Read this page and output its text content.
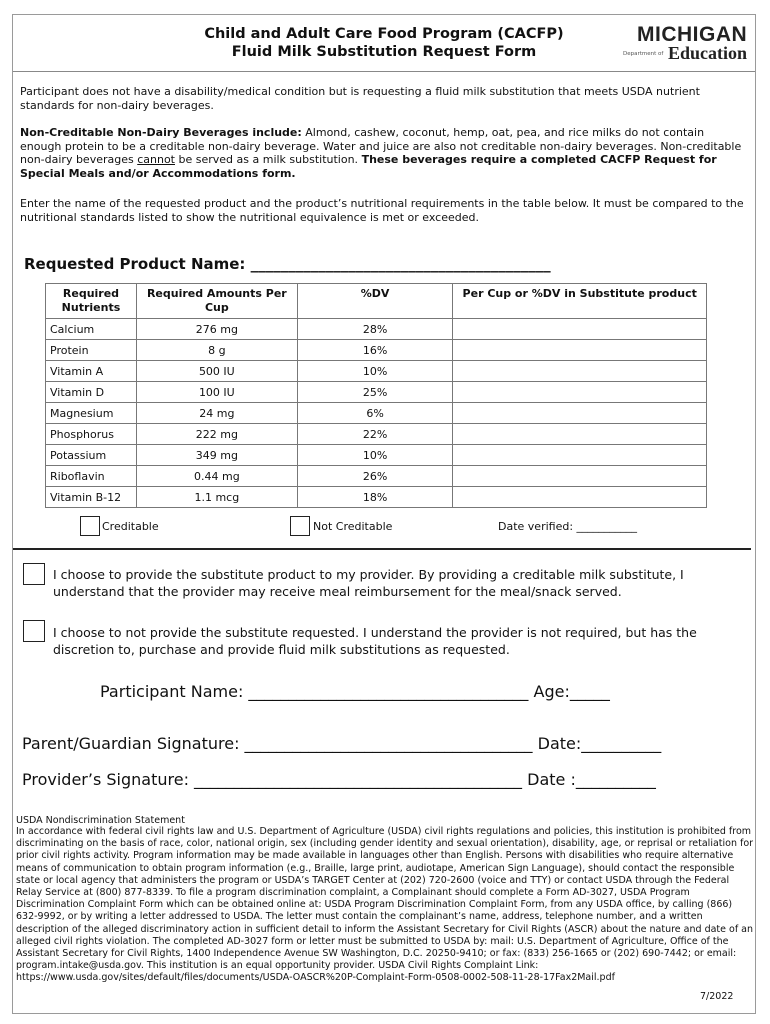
Child and Adult Care Food Program (CACFP)
Fluid Milk Substitution Request Form
MICHIGAN
Department of Education

Participant does not have a disability/medical condition but is requesting a fluid milk substitution that meets USDA nutrient standards for non-dairy beverages.

Non-Creditable Non-Dairy Beverages include: Almond, cashew, coconut, hemp, oat, pea, and rice milks do not contain enough protein to be a creditable non-dairy beverage. Water and juice are also not creditable non-dairy beverages. Non-creditable non-dairy beverages cannot be served as a milk substitution. These beverages require a completed CACFP Request for Special Meals and/or Accommodations form.

Enter the name of the requested product and the product’s nutritional requirements in the table below. It must be compared to the nutritional standards listed to show the nutritional equivalence is met or exceeded.

Requested Product Name: ________________________________________
Required Nutrients	Required Amounts Per Cup	%DV	Per Cup or %DV in Substitute product
Calcium	276 mg	28%	
Protein	8 g	16%	
Vitamin A	500 IU	10%	
Vitamin D	100 IU	25%	
Magnesium	24 mg	6%	
Phosphorus	222 mg	22%	
Potassium	349 mg	10%	
Riboflavin	0.44 mg	26%	
Vitamin B-12	1.1 mcg	18%	
Creditable	Not Creditable	Date verified: ___________

I choose to provide the substitute product to my provider. By providing a creditable milk substitute, I understand that the provider may receive meal reimbursement for the meal/snack served.

I choose to not provide the substitute requested. I understand the provider is not required, but has the discretion to, purchase and provide fluid milk substitutions as requested.

Participant Name: ___________________________________ Age:_____
Parent/Guardian Signature: ____________________________________ Date:__________
Provider’s Signature: _________________________________________ Date :__________
USDA Nondiscrimination Statement

In accordance with federal civil rights law and U.S. Department of Agriculture (USDA) civil rights regulations and policies, this institution is prohibited from discriminating on the basis of race, color, national origin, sex (including gender identity and sexual orientation), disability, age, or reprisal or retaliation for prior civil rights activity. Program information may be made available in languages other than English. Persons with disabilities who require alternative means of communication to obtain program information (e.g., Braille, large print, audiotape, American Sign Language), should contact the responsible state or local agency that administers the program or USDA’s TARGET Center at (202) 720-2600 (voice and TTY) or contact USDA through the Federal Relay Service at (800) 877-8339. To file a program discrimination complaint, a Complainant should complete a Form AD-3027, USDA Program Discrimination Complaint Form which can be obtained online at: USDA Program Discrimination Complaint Form, from any USDA office, by calling (866) 632-9992, or by writing a letter addressed to USDA. The letter must contain the complainant’s name, address, telephone number, and a written description of the alleged discriminatory action in sufficient detail to inform the Assistant Secretary for Civil Rights (ASCR) about the nature and date of an alleged civil rights violation. The completed AD-3027 form or letter must be submitted to USDA by: mail: U.S. Department of Agriculture, Office of the Assistant Secretary for Civil Rights, 1400 Independence Avenue SW Washington, D.C. 20250-9410; or fax: (833) 256-1665 or (202) 690-7442; or email: program.intake@usda.gov. This institution is an equal opportunity provider. USDA Civil Rights Complaint Link: https://www.usda.gov/sites/default/files/documents/USDA-OASCR%20P-Complaint-Form-0508-0002-508-11-28-17Fax2Mail.pdf

7/2022
